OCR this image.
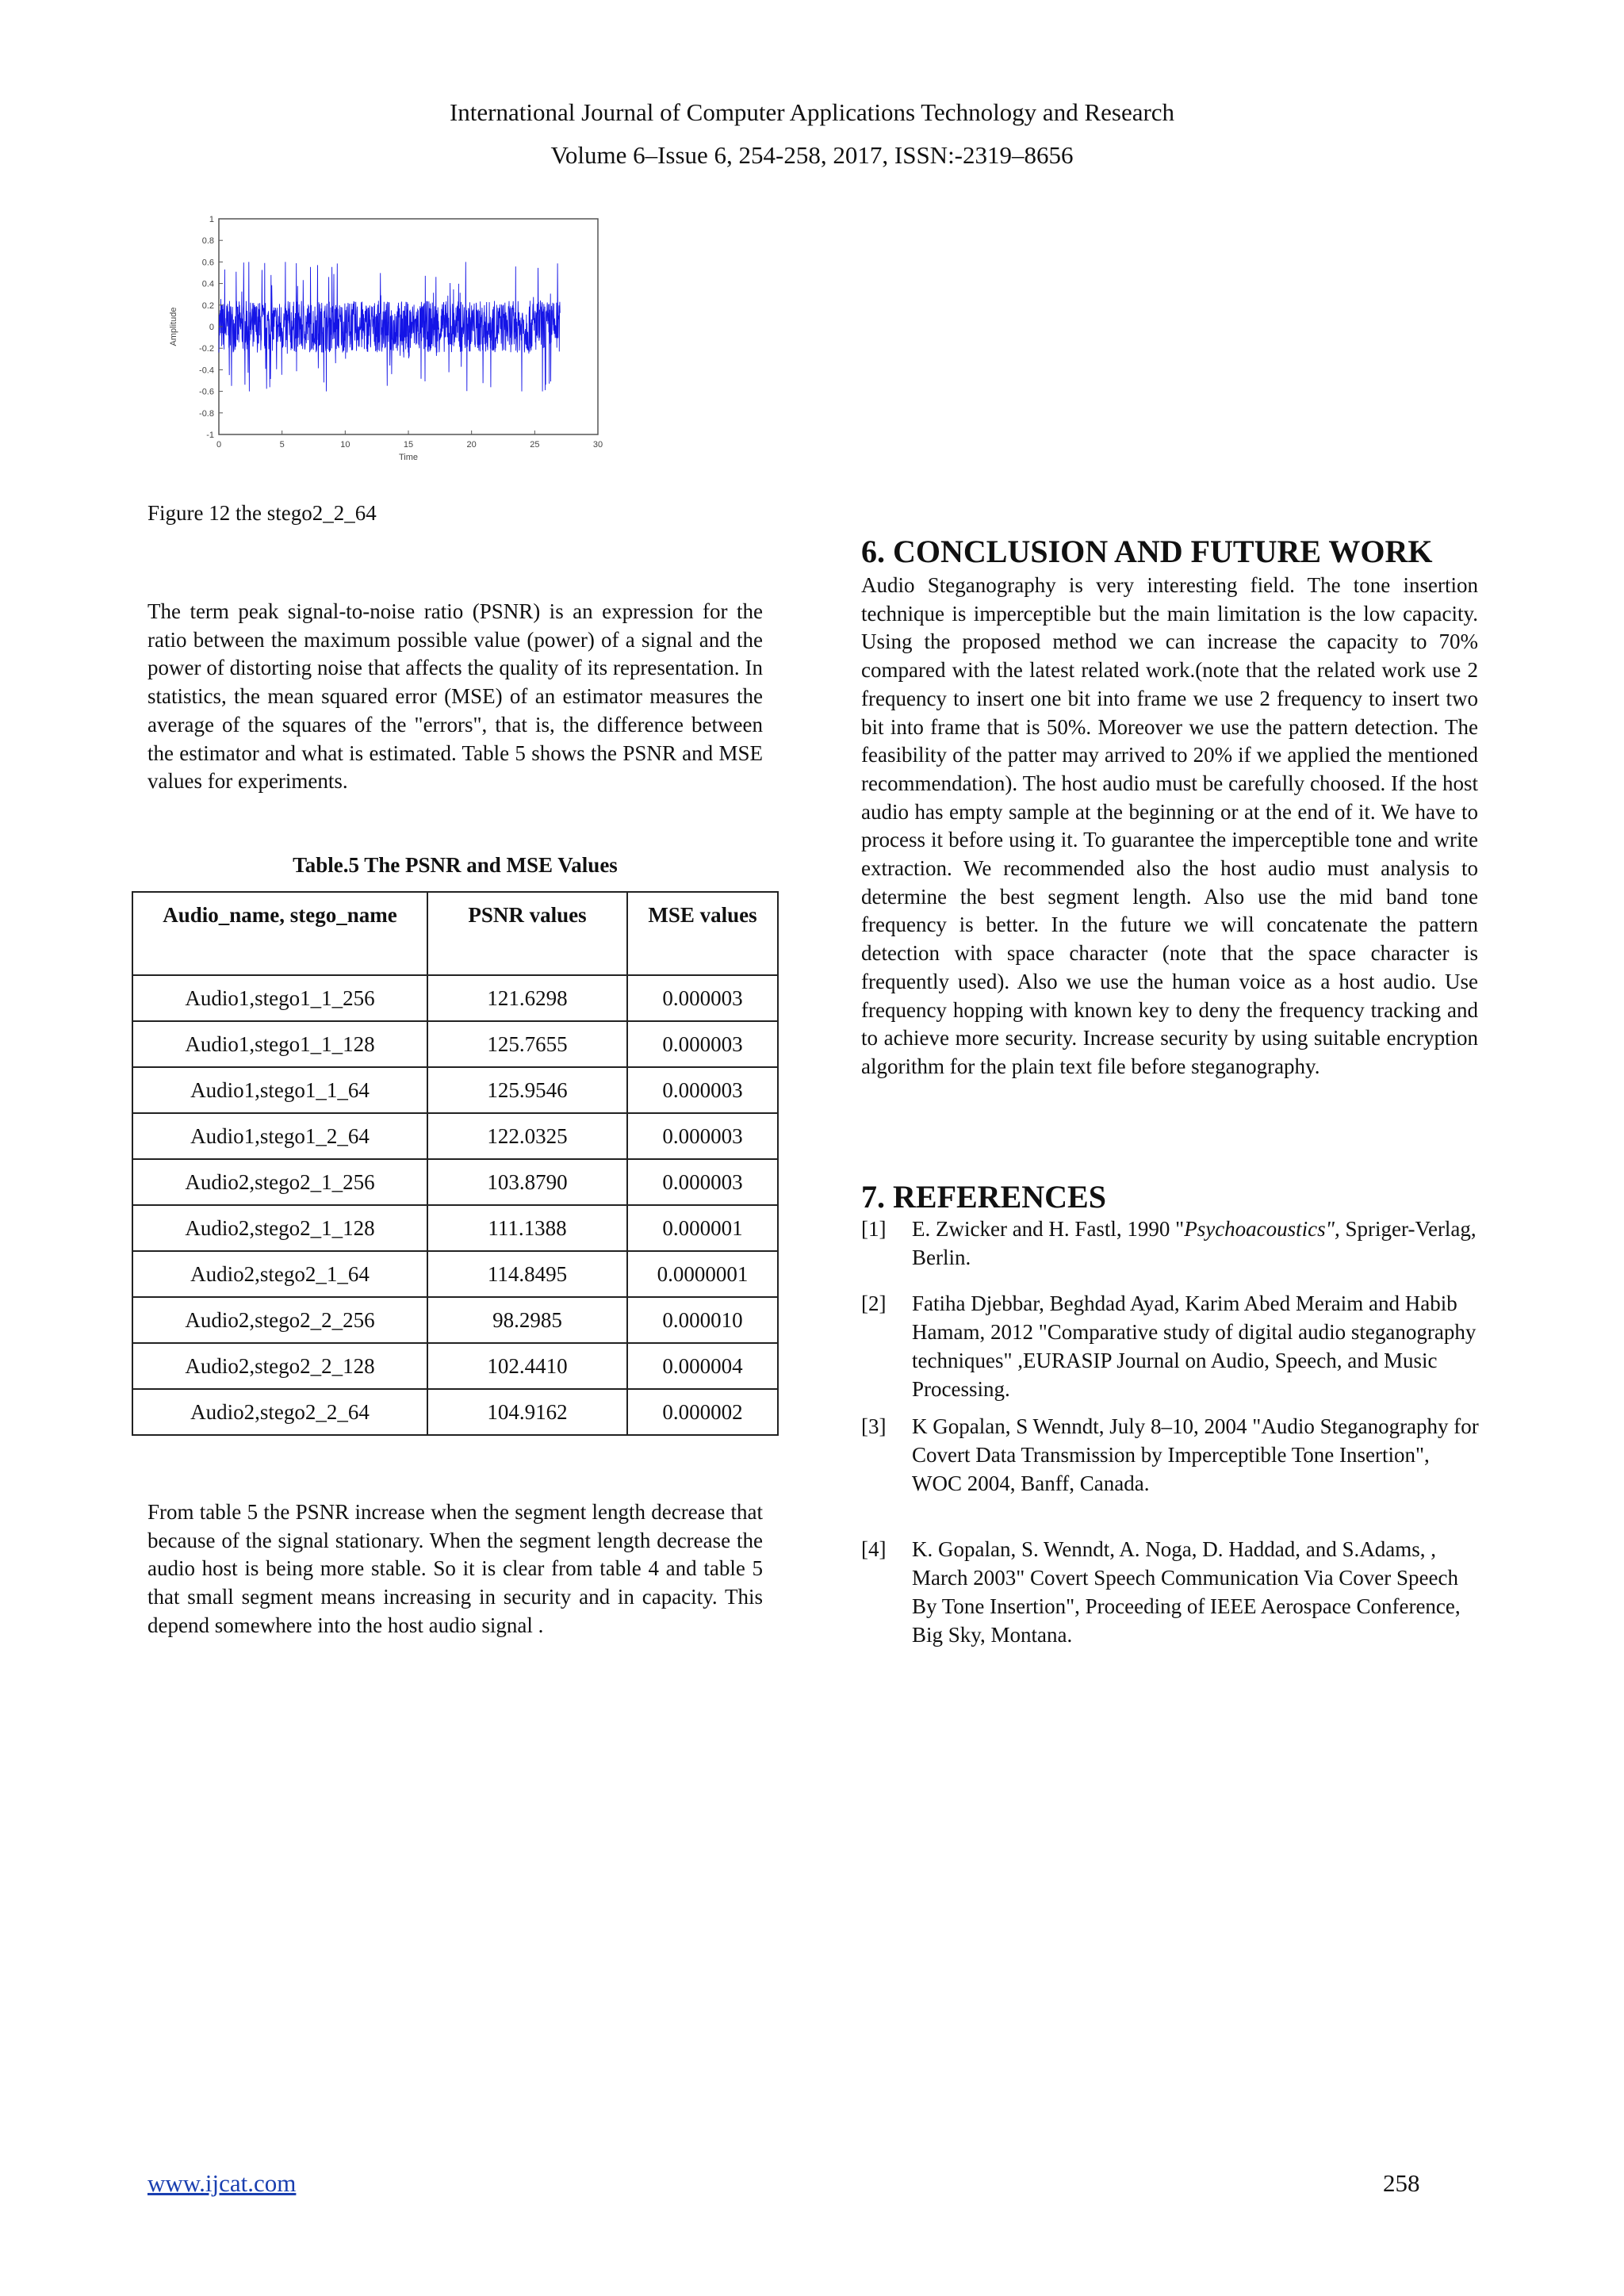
International Journal of Computer Applications Technology and Research
Volume 6–Issue 6, 254-258, 2017, ISSN:-2319–8656
-1
-0.8
-0.6
-0.4
-0.2
0
0.2
0.4
0.6
0.8
1
0	5	10	15	20	25	30
Time
Amplitude
Figure 12 the stego2_2_64
The term peak signal-to-noise ratio (PSNR) is an expression for the ratio between the maximum possible value (power) of a signal and the power of distorting noise that affects the quality of its representation. In statistics, the mean squared error (MSE) of an estimator measures the average of the squares of the "errors", that is, the difference between the estimator and what is estimated. Table 5 shows the PSNR and MSE values for experiments.
Table.5 The PSNR and MSE Values
Audio_name, stego_name	PSNR values	MSE values
Audio1,stego1_1_256	121.6298	0.000003
Audio1,stego1_1_128	125.7655	0.000003
Audio1,stego1_1_64	125.9546	0.000003
Audio1,stego1_2_64	122.0325	0.000003
Audio2,stego2_1_256	103.8790	0.000003
Audio2,stego2_1_128	111.1388	0.000001
Audio2,stego2_1_64	114.8495	0.0000001
Audio2,stego2_2_256	98.2985	0.000010
Audio2,stego2_2_128	102.4410	0.000004
Audio2,stego2_2_64	104.9162	0.000002
From table 5 the PSNR increase when the segment length decrease that because of the signal stationary. When the segment length decrease the audio host is being more stable. So it is clear from table 4 and table 5 that small segment means increasing in security and in capacity. This depend somewhere into the host audio signal .
6. CONCLUSION AND FUTURE WORK
Audio Steganography is very interesting field. The tone insertion technique is imperceptible but the main limitation is the low capacity. Using the proposed method we can increase the capacity to 70% compared with the latest related work.(note that the related work use 2 frequency to insert one bit into frame we use 2 frequency to insert two bit into frame that is 50%. Moreover we use the pattern detection. The feasibility of the patter may arrived to 20% if we applied the mentioned recommendation). The host audio must be carefully choosed. If the host audio has empty sample at the beginning or at the end of it. We have to process it before using it. To guarantee the imperceptible tone and write extraction. We recommended also the host audio must analysis to determine the best segment length. Also use the mid band tone frequency is better. In the future we will concatenate the pattern detection with space character (note that the space character is frequently used). Also we use the human voice as a host audio. Use frequency hopping with known key to deny the frequency tracking and to achieve more security. Increase security by using suitable encryption algorithm for the plain text file before steganography.
7. REFERENCES
[1] E. Zwicker and H. Fastl, 1990 "Psychoacoustics", Spriger-Verlag, Berlin.
[2] Fatiha Djebbar, Beghdad Ayad, Karim Abed Meraim and Habib Hamam, 2012 "Comparative study of digital audio steganography techniques" ,EURASIP Journal on Audio, Speech, and Music Processing.
[3] K Gopalan, S Wenndt, July 8–10, 2004 "Audio Steganography for Covert Data Transmission by Imperceptible Tone Insertion", WOC 2004, Banff, Canada.
[4] K. Gopalan, S. Wenndt, A. Noga, D. Haddad, and S.Adams, , March 2003" Covert Speech Communication Via Cover Speech By Tone Insertion", Proceeding of IEEE Aerospace Conference, Big Sky, Montana.
www.ijcat.com	258
